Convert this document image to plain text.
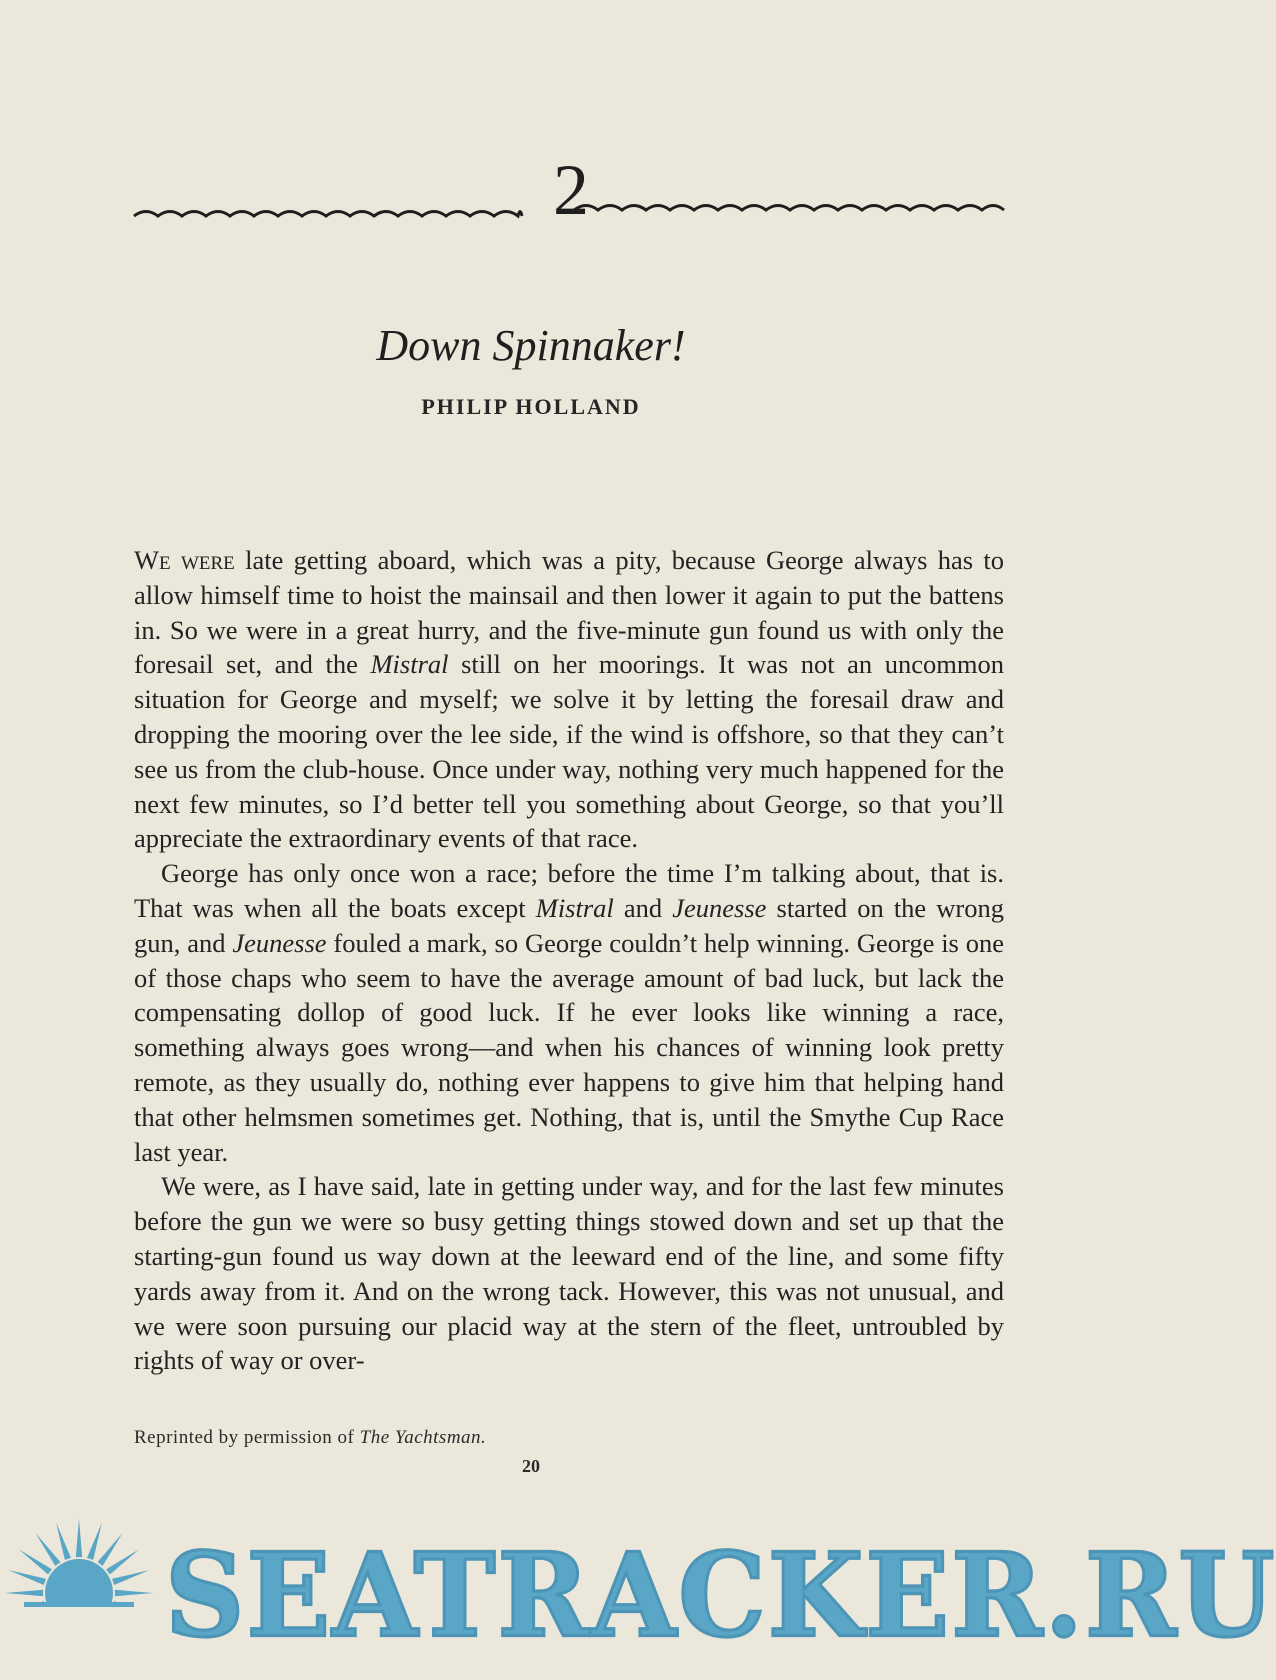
2
Down Spinnaker!
PHILIP HOLLAND

We were late getting aboard, which was a pity, because George always has to allow himself time to hoist the mainsail and then lower it again to put the battens in. So we were in a great hurry, and the five-minute gun found us with only the foresail set, and the Mistral still on her moorings. It was not an uncommon situation for George and myself; we solve it by letting the foresail draw and dropping the mooring over the lee side, if the wind is offshore, so that they can’t see us from the club-house. Once under way, nothing very much happened for the next few minutes, so I’d better tell you something about George, so that you’ll appreciate the extraordinary events of that race.

George has only once won a race; before the time I’m talking about, that is. That was when all the boats except Mistral and Jeunesse started on the wrong gun, and Jeunesse fouled a mark, so George couldn’t help winning. George is one of those chaps who seem to have the average amount of bad luck, but lack the compensating dollop of good luck. If he ever looks like winning a race, something always goes wrong—and when his chances of winning look pretty remote, as they usually do, nothing ever happens to give him that helping hand that other helmsmen sometimes get. Nothing, that is, until the Smythe Cup Race last year.

We were, as I have said, late in getting under way, and for the last few minutes before the gun we were so busy getting things stowed down and set up that the starting-gun found us way down at the leeward end of the line, and some fifty yards away from it. And on the wrong tack. However, this was not unusual, and we were soon pursuing our placid way at the stern of the fleet, untroubled by rights of way or over-

Reprinted by permission of The Yachtsman.
20
SEATRACKER.RU
